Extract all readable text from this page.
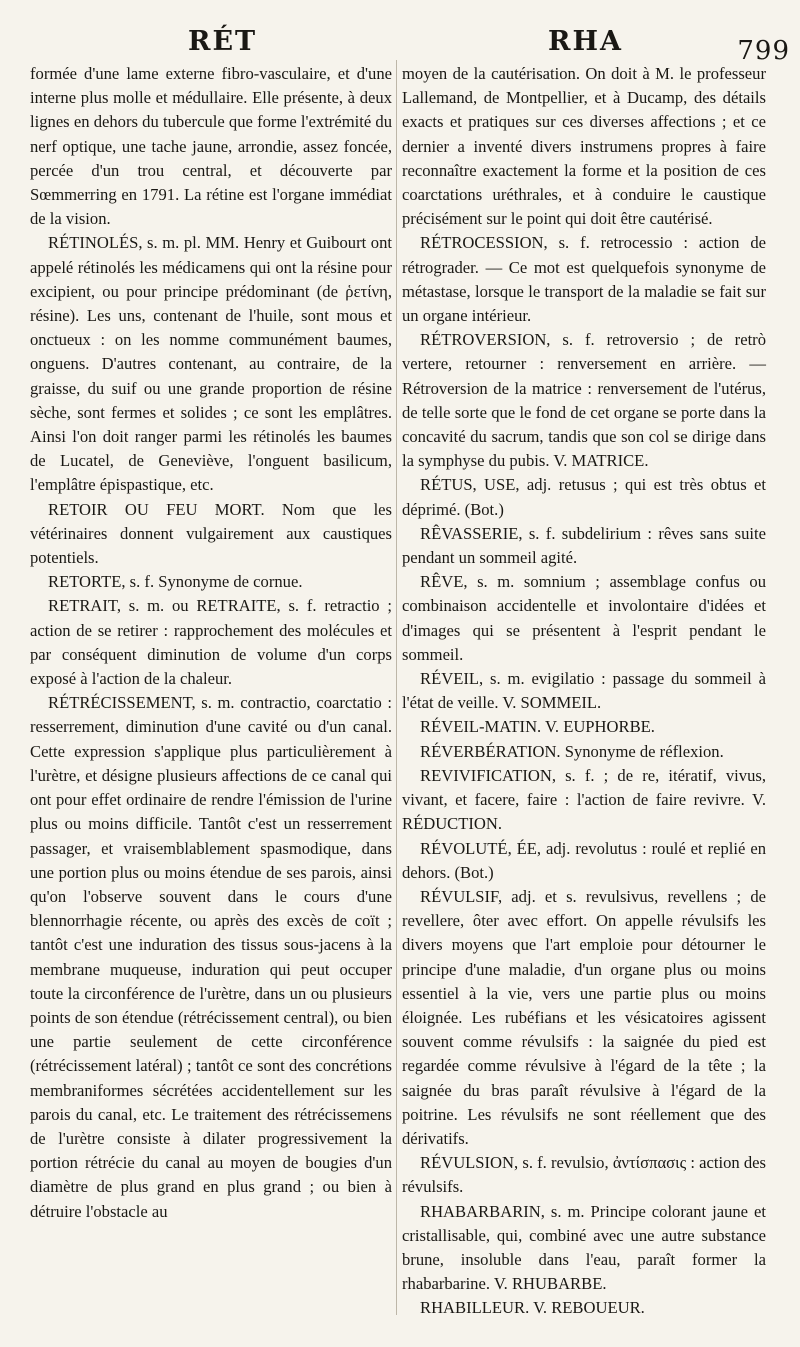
RÉT	RHA	799

formée d'une lame externe fibro-vasculaire, et d'une interne plus molle et médullaire. Elle présente, à deux lignes en dehors du tubercule que forme l'extrémité du nerf optique, une tache jaune, arrondie, assez foncée, percée d'un trou central, et découverte par Sœmmerring en 1791. La rétine est l'organe immédiat de la vision.

RÉTINOLÉS, s. m. pl. MM. Henry et Guibourt ont appelé rétinolés les médicamens qui ont la résine pour excipient, ou pour principe prédominant (de ῥετίνη, résine). Les uns, contenant de l'huile, sont mous et onctueux : on les nomme communément baumes, onguens. D'autres contenant, au contraire, de la graisse, du suif ou une grande proportion de résine sèche, sont fermes et solides ; ce sont les emplâtres. Ainsi l'on doit ranger parmi les rétinolés les baumes de Lucatel, de Geneviève, l'onguent basilicum, l'emplâtre épispastique, etc.

RETOIR OU FEU MORT. Nom que les vétérinaires donnent vulgairement aux caustiques potentiels.

RETORTE, s. f. Synonyme de cornue.

RETRAIT, s. m. ou RETRAITE, s. f. retractio ; action de se retirer : rapprochement des molécules et par conséquent diminution de volume d'un corps exposé à l'action de la chaleur.

RÉTRÉCISSEMENT, s. m. contractio, coarctatio : resserrement, diminution d'une cavité ou d'un canal. Cette expression s'applique plus particulièrement à l'urètre, et désigne plusieurs affections de ce canal qui ont pour effet ordinaire de rendre l'émission de l'urine plus ou moins difficile. Tantôt c'est un resserrement passager, et vraisemblablement spasmodique, dans une portion plus ou moins étendue de ses parois, ainsi qu'on l'observe souvent dans le cours d'une blennorrhagie récente, ou après des excès de coït ; tantôt c'est une induration des tissus sous-jacens à la membrane muqueuse, induration qui peut occuper toute la circonférence de l'urètre, dans un ou plusieurs points de son étendue (rétrécissement central), ou bien une partie seulement de cette circonférence (rétrécissement latéral) ; tantôt ce sont des concrétions membraniformes sécrétées accidentellement sur les parois du canal, etc. Le traitement des rétrécissemens de l'urètre consiste à dilater progressivement la portion rétrécie du canal au moyen de bougies d'un diamètre de plus grand en plus grand ; ou bien à détruire l'obstacle au

moyen de la cautérisation. On doit à M. le professeur Lallemand, de Montpellier, et à Ducamp, des détails exacts et pratiques sur ces diverses affections ; et ce dernier a inventé divers instrumens propres à faire reconnaître exactement la forme et la position de ces coarctations uréthrales, et à conduire le caustique précisément sur le point qui doit être cautérisé.

RÉTROCESSION, s. f. retrocessio : action de rétrograder. — Ce mot est quelquefois synonyme de métastase, lorsque le transport de la maladie se fait sur un organe intérieur.

RÉTROVERSION, s. f. retroversio ; de retrò vertere, retourner : renversement en arrière. — Rétroversion de la matrice : renversement de l'utérus, de telle sorte que le fond de cet organe se porte dans la concavité du sacrum, tandis que son col se dirige dans la symphyse du pubis. V. MATRICE.

RÉTUS, USE, adj. retusus ; qui est très obtus et déprimé. (Bot.)

RÊVASSERIE, s. f. subdelirium : rêves sans suite pendant un sommeil agité.

RÊVE, s. m. somnium ; assemblage confus ou combinaison accidentelle et involontaire d'idées et d'images qui se présentent à l'esprit pendant le sommeil.

RÉVEIL, s. m. evigilatio : passage du sommeil à l'état de veille. V. SOMMEIL.

RÉVEIL-MATIN. V. EUPHORBE.

RÉVERBÉRATION. Synonyme de réflexion.

REVIVIFICATION, s. f. ; de re, itératif, vivus, vivant, et facere, faire : l'action de faire revivre. V. RÉDUCTION.

RÉVOLUTÉ, ÉE, adj. revolutus : roulé et replié en dehors. (Bot.)

RÉVULSIF, adj. et s. revulsivus, revellens ; de revellere, ôter avec effort. On appelle révulsifs les divers moyens que l'art emploie pour détourner le principe d'une maladie, d'un organe plus ou moins essentiel à la vie, vers une partie plus ou moins éloignée. Les rubéfians et les vésicatoires agissent souvent comme révulsifs : la saignée du pied est regardée comme révulsive à l'égard de la tête ; la saignée du bras paraît révulsive à l'égard de la poitrine. Les révulsifs ne sont réellement que des dérivatifs.

RÉVULSION, s. f. revulsio, ἀντίσπασις : action des révulsifs.

RHABARBARIN, s. m. Principe colorant jaune et cristallisable, qui, combiné avec une autre substance brune, insoluble dans l'eau, paraît former la rhabarbarine. V. RHUBARBE.

RHABILLEUR. V. REBOUEUR.
